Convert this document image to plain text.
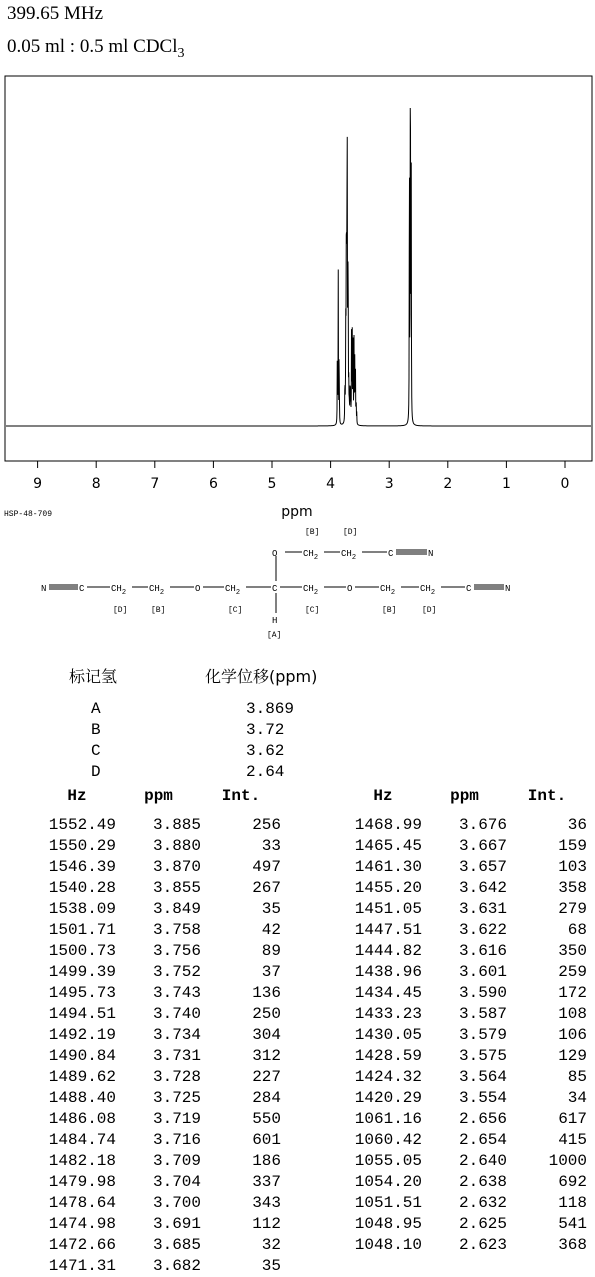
399.65 MHz
0.05 ml : 0.5 ml CDCl$_3$
9	8	7	6	5	4	3	2	1	0
ppm
HSP-48-709
N	C	$CH_2$	$CH_2$	O	$CH_2$	C	$CH_2$	O	$CH_2$	$CH_2$	C	N
O	$CH_2$	$CH_2$	C	N
H
[B]	[D]
[D]	[B]	[C]	[C]	[B]	[D]
[A]
标记氢	化学位移(ppm)
A	3.869
B	3.72
C	3.62
D	2.64
Hz	ppm	Int.
1552.49	3.885	256
1550.29	3.880	33
1546.39	3.870	497
1540.28	3.855	267
1538.09	3.849	35
1501.71	3.758	42
1500.73	3.756	89
1499.39	3.752	37
1495.73	3.743	136
1494.51	3.740	250
1492.19	3.734	304
1490.84	3.731	312
1489.62	3.728	227
1488.40	3.725	284
1486.08	3.719	550
1484.74	3.716	601
1482.18	3.709	186
1479.98	3.704	337
1478.64	3.700	343
1474.98	3.691	112
1472.66	3.685	32
1471.31	3.682	35
Hz	ppm	Int.
1468.99	3.676	36
1465.45	3.667	159
1461.30	3.657	103
1455.20	3.642	358
1451.05	3.631	279
1447.51	3.622	68
1444.82	3.616	350
1438.96	3.601	259
1434.45	3.590	172
1433.23	3.587	108
1430.05	3.579	106
1428.59	3.575	129
1424.32	3.564	85
1420.29	3.554	34
1061.16	2.656	617
1060.42	2.654	415
1055.05	2.640	1000
1054.20	2.638	692
1051.51	2.632	118
1048.95	2.625	541
1048.10	2.623	368
